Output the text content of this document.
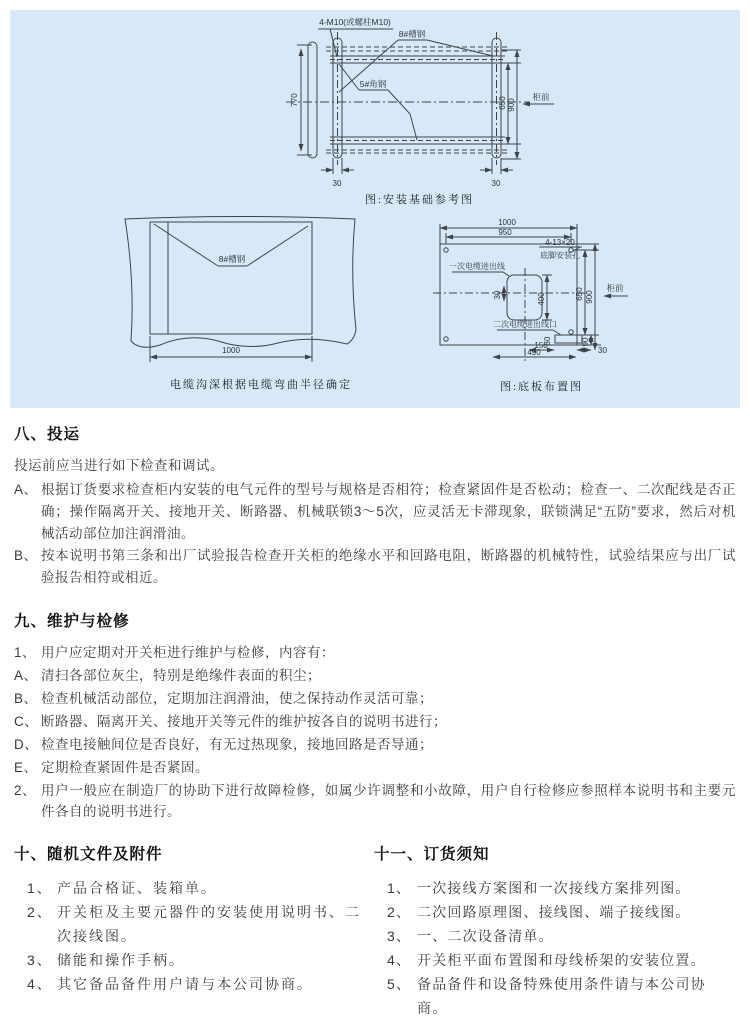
4-M10(或螺柱M10)
8#槽钢
5#角钢
770	650 900
30	30
柜前
图:安装基础参考图
8#槽钢
1000
电缆沟深根据电缆弯曲半径确定
1000
950
4-13×20
底脚安装孔
一次电缆进出线
30	400
二次电缆进出线口
50
150
490
650 900
90
30
柜前
图:底板布置图
八、投运

投运前应当进行如下检查和调试。

A、 根据订货要求检查柜内安装的电气元件的型号与规格是否相符；检查紧固件是否松动；检查一、二次配线是否正确；操作隔离开关、接地开关、断路器、机械联锁3～5次，应灵活无卡滞现象，联锁满足“五防”要求，然后对机械活动部位加注润滑油。
B、 按本说明书第三条和出厂试验报告检查开关柜的绝缘水平和回路电阻，断路器的机械特性，试验结果应与出厂试验报告相符或相近。
九、维护与检修
1、 用户应定期对开关柜进行维护与检修，内容有：
A、 清扫各部位灰尘，特别是绝缘件表面的积尘；
B、 检查机械活动部位，定期加注润滑油，使之保持动作灵活可靠；
C、 断路器、隔离开关、接地开关等元件的维护按各自的说明书进行；
D、 检查电接触间位是否良好，有无过热现象，接地回路是否导通；
E、 定期检查紧固件是否紧固。
2、 用户一般应在制造厂的协助下进行故障检修，如属少许调整和小故障，用户自行检修应参照样本说明书和主要元件各自的说明书进行。
十、随机文件及附件
1、 产品合格证、装箱单。
2、 开关柜及主要元器件的安装使用说明书、二次接线图。
3、 储能和操作手柄。
4、 其它备品备件用户请与本公司协商。
十一、订货须知
1、 一次接线方案图和一次接线方案排列图。
2、 二次回路原理图、接线图、端子接线图。
3、 一、二次设备清单。
4、 开关柜平面布置图和母线桥架的安装位置。
5、 备品备件和设备特殊使用条件请与本公司协商。
